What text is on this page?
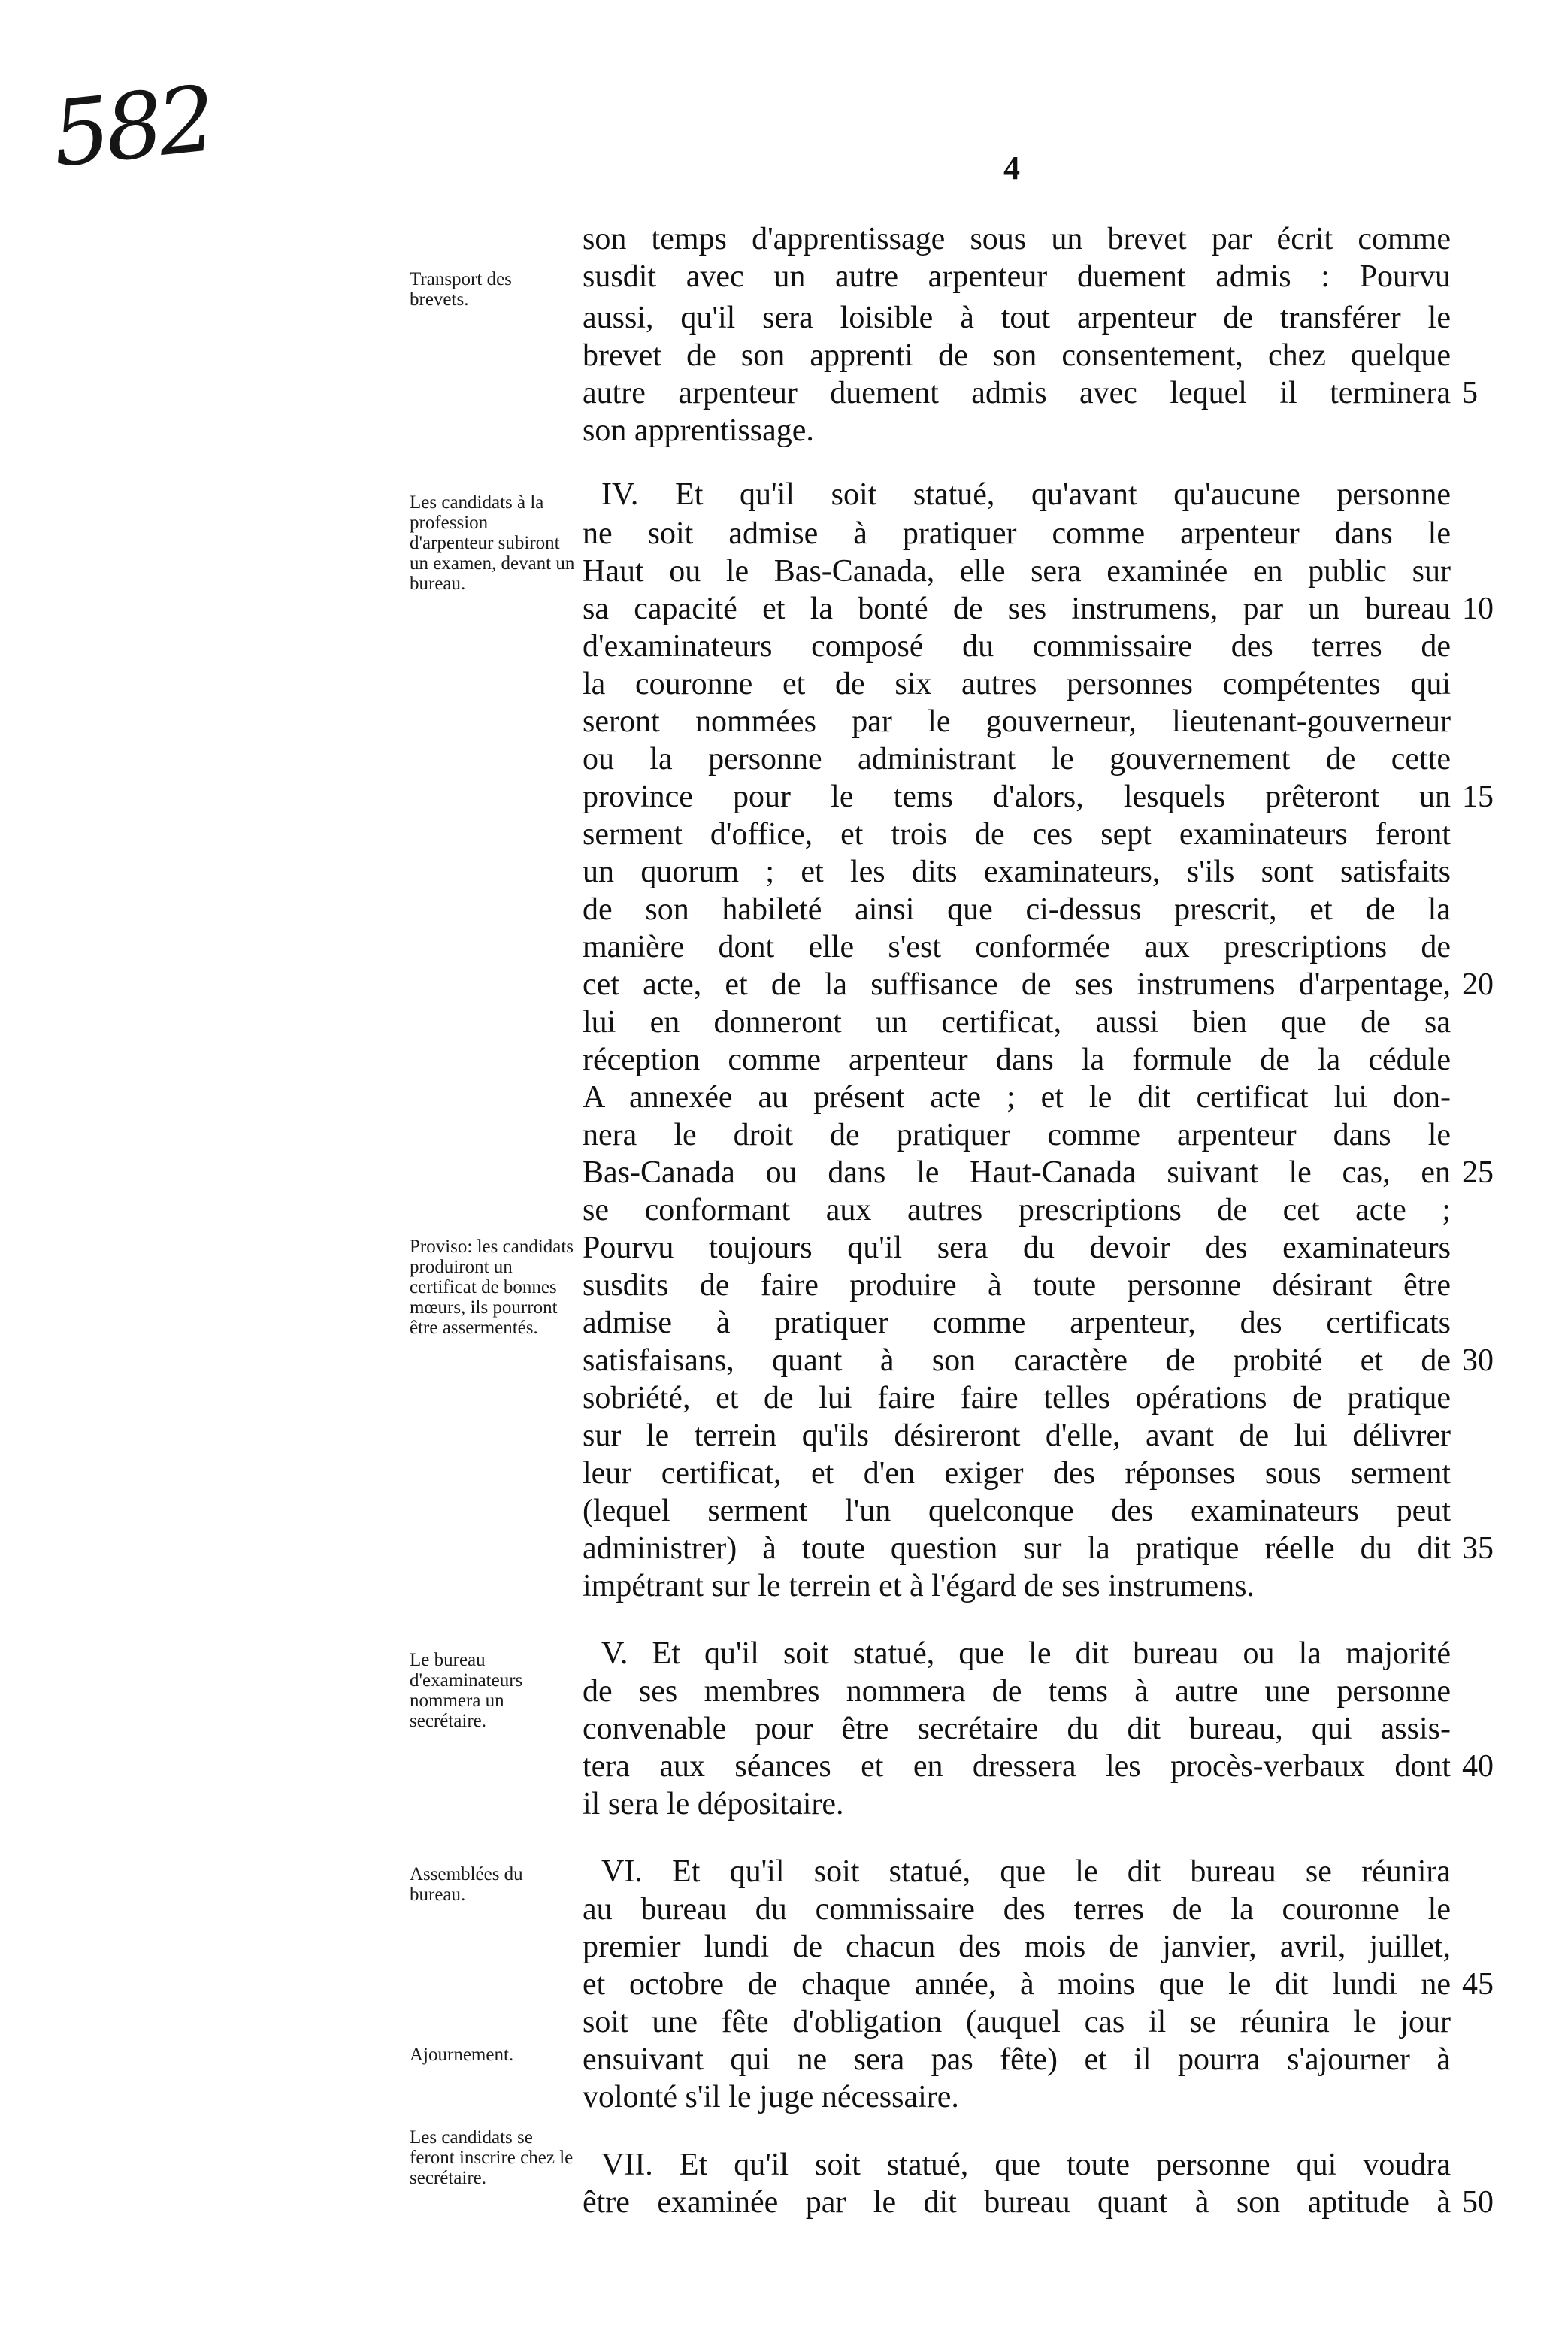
582	4
Transport des brevets.
Les candidats à la profession d'arpenteur subiront un examen, devant un bureau.
Proviso: les candidats produiront un certificat de bonnes mœurs, ils pourront être assermentés.
Le bureau d'examinateurs nommera un secrétaire.
Assemblées du bureau.
Ajournement.
Les candidats se feront inscrire chez le secrétaire.
son temps d'apprentissage sous un brevet par écrit comme
susdit avec un autre arpenteur duement admis : Pourvu
aussi, qu'il sera loisible à tout arpenteur de transférer le
brevet de son apprenti de son consentement, chez quelque
autre arpenteur duement admis avec lequel il terminera
son apprentissage.
IV. Et qu'il soit statué, qu'avant qu'aucune personne
ne soit admise à pratiquer comme arpenteur dans le
Haut ou le Bas-Canada, elle sera examinée en public sur
sa capacité et la bonté de ses instrumens, par un bureau
d'examinateurs composé du commissaire des terres de
la couronne et de six autres personnes compétentes qui
seront nommées par le gouverneur, lieutenant-gouverneur
ou la personne administrant le gouvernement de cette
province pour le tems d'alors, lesquels prêteront un
serment d'office, et trois de ces sept examinateurs feront
un quorum ; et les dits examinateurs, s'ils sont satisfaits
de son habileté ainsi que ci-dessus prescrit, et de la
manière dont elle s'est conformée aux prescriptions de
cet acte, et de la suffisance de ses instrumens d'arpentage,
lui en donneront un certificat, aussi bien que de sa
réception comme arpenteur dans la formule de la cédule
A annexée au présent acte ; et le dit certificat lui don-
nera le droit de pratiquer comme arpenteur dans le
Bas-Canada ou dans le Haut-Canada suivant le cas, en
se conformant aux autres prescriptions de cet acte ;
Pourvu toujours qu'il sera du devoir des examinateurs
susdits de faire produire à toute personne désirant être
admise à pratiquer comme arpenteur, des certificats
satisfaisans, quant à son caractère de probité et de
sobriété, et de lui faire faire telles opérations de pratique
sur le terrein qu'ils désireront d'elle, avant de lui délivrer
leur certificat, et d'en exiger des réponses sous serment
(lequel serment l'un quelconque des examinateurs peut
administrer) à toute question sur la pratique réelle du dit
impétrant sur le terrein et à l'égard de ses instrumens.
V. Et qu'il soit statué, que le dit bureau ou la majorité
de ses membres nommera de tems à autre une personne
convenable pour être secrétaire du dit bureau, qui assis-
tera aux séances et en dressera les procès-verbaux dont
il sera le dépositaire.
VI. Et qu'il soit statué, que le dit bureau se réunira
au bureau du commissaire des terres de la couronne le
premier lundi de chacun des mois de janvier, avril, juillet,
et octobre de chaque année, à moins que le dit lundi ne
soit une fête d'obligation (auquel cas il se réunira le jour
ensuivant qui ne sera pas fête) et il pourra s'ajourner à
volonté s'il le juge nécessaire.
VII. Et qu'il soit statué, que toute personne qui voudra
être examinée par le dit bureau quant à son aptitude à
5
10
15
20
25
30
35
40
45
50
